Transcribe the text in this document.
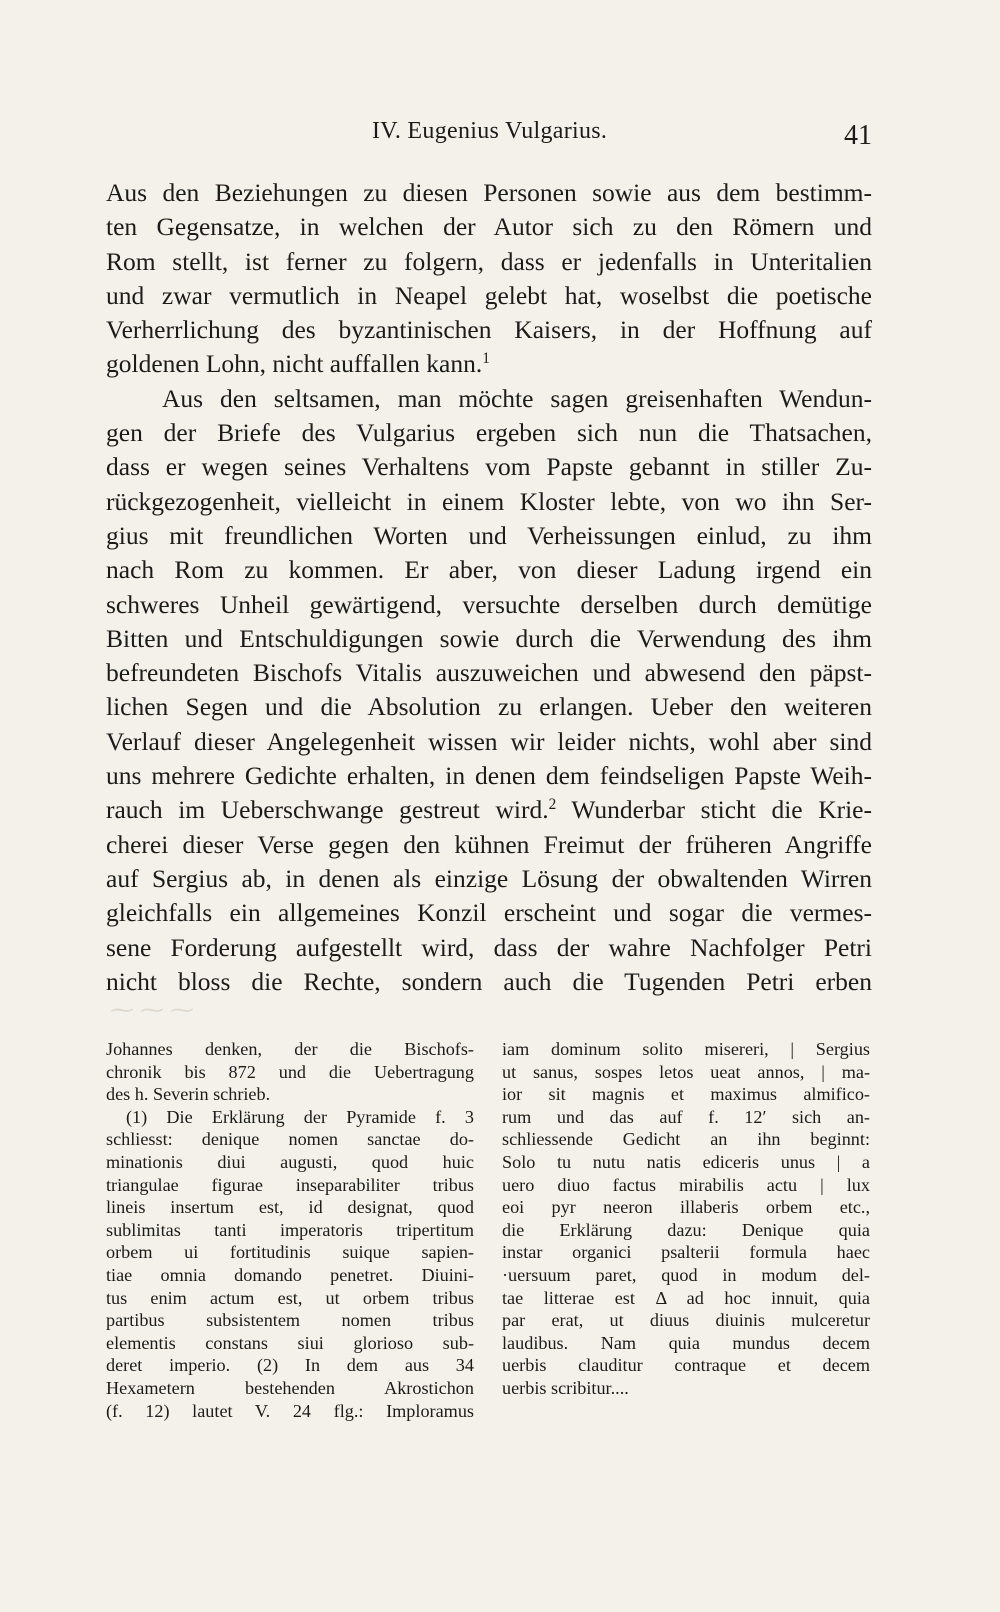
⁓ ⁓ ⁓
IV. Eugenius Vulgarius.	41
Aus den Beziehungen zu diesen Personen sowie aus dem bestimm-
ten Gegensatze, in welchen der Autor sich zu den Römern und
Rom stellt, ist ferner zu folgern, dass er jedenfalls in Unteritalien
und zwar vermutlich in Neapel gelebt hat, woselbst die poetische
Verherrlichung des byzantinischen Kaisers, in der Hoffnung auf
goldenen Lohn, nicht auffallen kann.$^1$
Aus den seltsamen, man möchte sagen greisenhaften Wendun-
gen der Briefe des Vulgarius ergeben sich nun die Thatsachen,
dass er wegen seines Verhaltens vom Papste gebannt in stiller Zu-
rückgezogenheit, vielleicht in einem Kloster lebte, von wo ihn Ser-
gius mit freundlichen Worten und Verheissungen einlud, zu ihm
nach Rom zu kommen. Er aber, von dieser Ladung irgend ein
schweres Unheil gewärtigend, versuchte derselben durch demütige
Bitten und Entschuldigungen sowie durch die Verwendung des ihm
befreundeten Bischofs Vitalis auszuweichen und abwesend den päpst-
lichen Segen und die Absolution zu erlangen. Ueber den weiteren
Verlauf dieser Angelegenheit wissen wir leider nichts, wohl aber sind
uns mehrere Gedichte erhalten, in denen dem feindseligen Papste Weih-
rauch im Ueberschwange gestreut wird.$^2$ Wunderbar sticht die Krie-
cherei dieser Verse gegen den kühnen Freimut der früheren Angriffe
auf Sergius ab, in denen als einzige Lösung der obwaltenden Wirren
gleichfalls ein allgemeines Konzil erscheint und sogar die vermes-
sene Forderung aufgestellt wird, dass der wahre Nachfolger Petri
nicht bloss die Rechte, sondern auch die Tugenden Petri erben
Johannes denken, der die Bischofs-
chronik bis 872 und die Uebertragung
des h. Severin schrieb.
(1) Die Erklärung der Pyramide f. 3
schliesst: denique nomen sanctae do-
minationis diui augusti, quod huic
triangulae figurae inseparabiliter tribus
lineis insertum est, id designat, quod
sublimitas tanti imperatoris tripertitum
orbem ui fortitudinis suique sapien-
tiae omnia domando penetret. Diuini-
tus enim actum est, ut orbem tribus
partibus subsistentem nomen tribus
elementis constans siui glorioso sub-
deret imperio. (2) In dem aus 34
Hexametern bestehenden Akrostichon
(f. 12) lautet V. 24 flg.: Imploramus
iam dominum solito misereri, | Sergius
ut sanus, sospes letos ueat annos, | ma-
ior sit magnis et maximus almifico-
rum und das auf f. 12′ sich an-
schliessende Gedicht an ihn beginnt:
Solo tu nutu natis ediceris unus | a
uero diuo factus mirabilis actu | lux
eoi pyr neeron illaberis orbem etc.,
die Erklärung dazu: Denique quia
instar organici psalterii formula haec
·uersuum paret, quod in modum del-
tae litterae est Δ ad hoc innuit, quia
par erat, ut diuus diuinis mulceretur
laudibus. Nam quia mundus decem
uerbis clauditur contraque et decem
uerbis scribitur....
